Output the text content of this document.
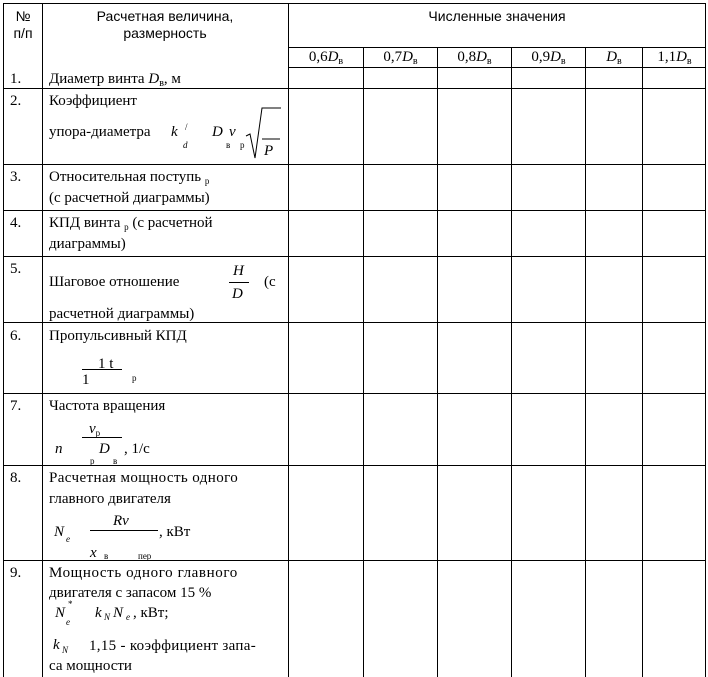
№
п/п
Расчетная величина,
размерность
Численные значения
$0,6D_в$	$0,7D_в$	$0,8D_в$	$0,9D_в$	$D_в$	$1,1D_в$
1. Диаметр винта $D_в$, м
2. Коэффициент
упора-диаметра k /
d
D v
в р P
3. Относительная поступь $_р$
(с расчетной диаграммы)
4. КПД винта $_р$ (с расчетной
диаграммы)
5.
Шаговое отношение
H
D
(с
расчетной диаграммы)
6. Пропульсивный КПД
1 t
1	р
7. Частота вращения
n
$v_р$
D
р в
, 1/с
8. Расчетная мощность одного
главного двигателя
N e
Rv
, кВт
x в	пер
9. Мощность одного главного
двигателя с запасом 15 %
N
*
e
k N N e , кВт;
k N 1,15 - коэффициент запа-
са мощности
